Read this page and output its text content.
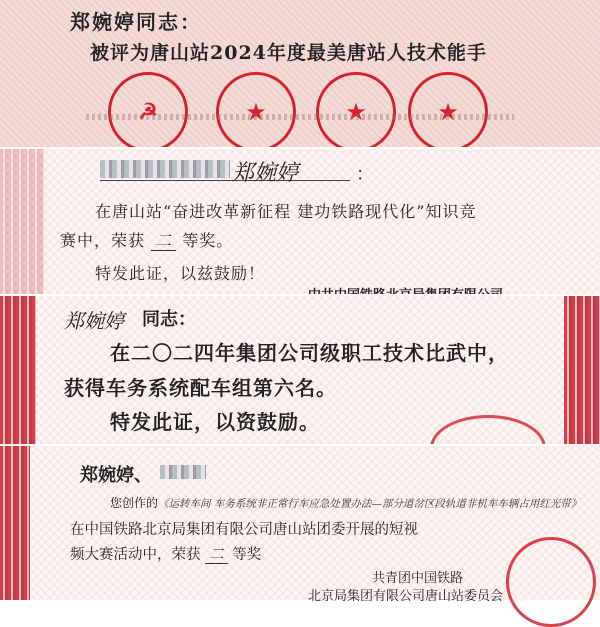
郑婉婷同志：
被评为唐山站2024年度最美唐站人技术能手
☭	★	★	★
郑婉婷	：
在唐山站“奋进改革新征程 建功铁路现代化”知识竞
赛中，荣获 二 等奖。
特发此证，以兹鼓励！
郑婉婷 同志：
在二〇二四年集团公司级职工技术比武中，
获得车务系统配车组第六名。
特发此证，以资鼓励。
郑婉婷、
您创作的《运转车间 车务系统非正常行车应急处置办法—部分道岔区段轨道非机车车辆占用红光带》
在中国铁路北京局集团有限公司唐山站团委开展的短视
频大赛活动中，荣获 二 等奖
共青团中国铁路
北京局集团有限公司唐山站委员会
